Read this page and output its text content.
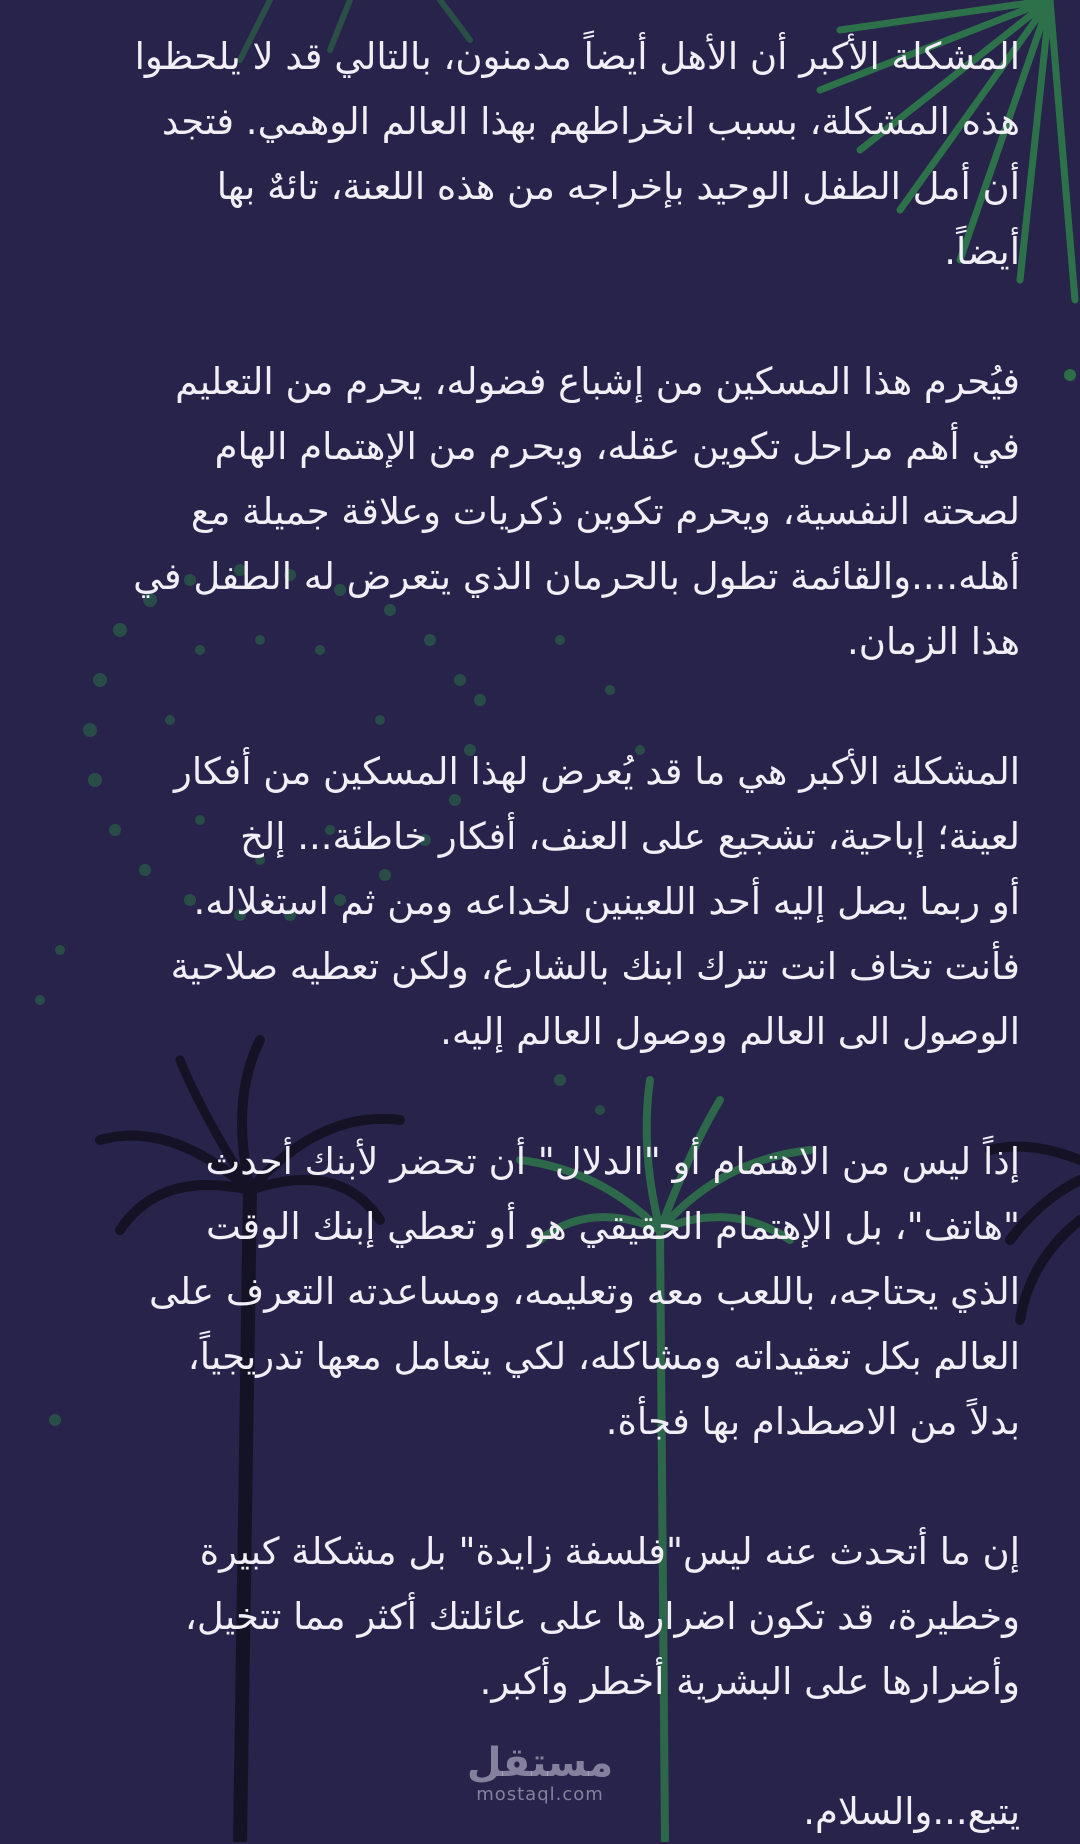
المشكلة الأكبر أن الأهل أيضاً مدمنون، بالتالي قد لا يلحظوا
هذه المشكلة، بسبب انخراطهم بهذا العالم الوهمي. فتجد
أن أمل الطفل الوحيد بإخراجه من هذه اللعنة، تائهٌ بها
أيضاً.

فيُحرم هذا المسكين من إشباع فضوله، يحرم من التعليم
في أهم مراحل تكوين عقله، ويحرم من الإهتمام الهام
لصحته النفسية، ويحرم تكوين ذكريات وعلاقة جميلة مع
أهله....والقائمة تطول بالحرمان الذي يتعرض له الطفل في
هذا الزمان.

المشكلة الأكبر هي ما قد يُعرض لهذا المسكين من أفكار
لعينة؛ إباحية، تشجيع على العنف، أفكار خاطئة... إلخ
أو ربما يصل إليه أحد اللعينين لخداعه ومن ثم استغلاله.
فأنت تخاف انت تترك ابنك بالشارع، ولكن تعطيه صلاحية
الوصول الى العالم ووصول العالم إليه.

إذاً ليس من الاهتمام أو "الدلال" أن تحضر لأبنك أحدث
"هاتف"، بل الإهتمام الحقيقي هو أو تعطي إبنك الوقت
الذي يحتاجه، باللعب معه وتعليمه، ومساعدته التعرف على
العالم بكل تعقيداته ومشاكله، لكي يتعامل معها تدريجياً،
بدلاً من الاصطدام بها فجأة.

إن ما أتحدث عنه ليس"فلسفة زايدة" بل مشكلة كبيرة
وخطيرة، قد تكون اضرارها على عائلتك أكثر مما تتخيل،
وأضرارها على البشرية أخطر وأكبر.

يتبع...والسلام.

مستقل
mostaql.com
